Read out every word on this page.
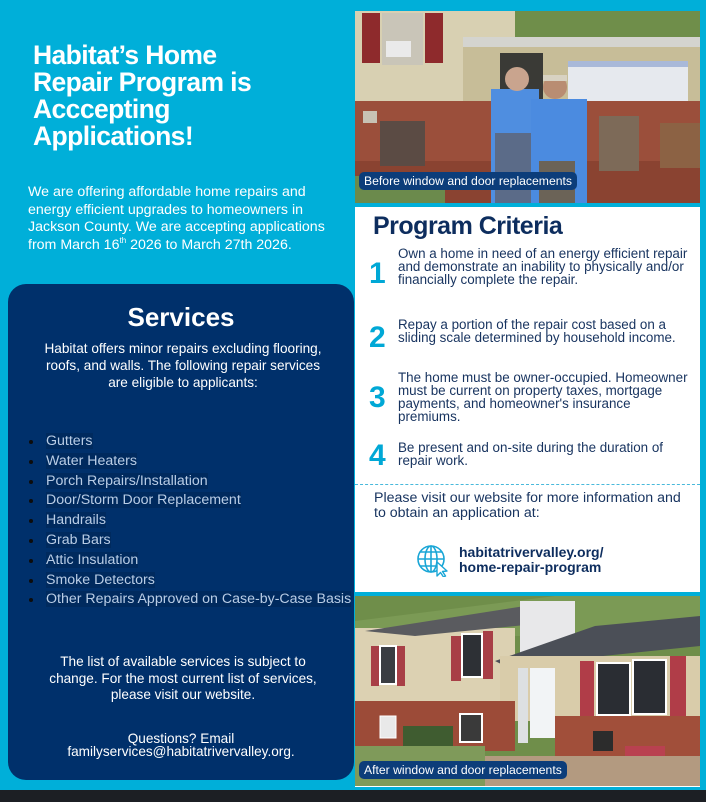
Habitat’s Home
Repair Program is
Acccepting
Applications!
We are offering affordable home repairs and energy efficient upgrades to homeowners in Jackson County. We are accepting applications from March 16th 2026 to March 27th 2026.
Services
Habitat offers minor repairs excluding flooring, roofs, and walls. The following repair services are eligible to applicants:
Gutters
Water Heaters
Porch Repairs/Installation
Door/Storm Door Replacement
Handrails
Grab Bars
Attic Insulation
Smoke Detectors
Other Repairs Approved on Case-by-Case Basis
The list of available services is subject to change. For the most current list of services, please visit our website.
Questions? Email
familyservices@habitatrivervalley.org.
Before window and door replacements
Program Criteria
1
Own a home in need of an energy efficient repair and demonstrate an inability to physically and/or financially complete the repair.
2 Repay a portion of the repair cost based on a sliding scale determined by household income.
3
The home must be owner-occupied. Homeowner must be current on property taxes, mortgage payments, and homeowner's insurance premiums.
4 Be present and on-site during the duration of repair work.
Please visit our website for more information and to obtain an application at:
habitatrivervalley.org/
home-repair-program
After window and door replacements
